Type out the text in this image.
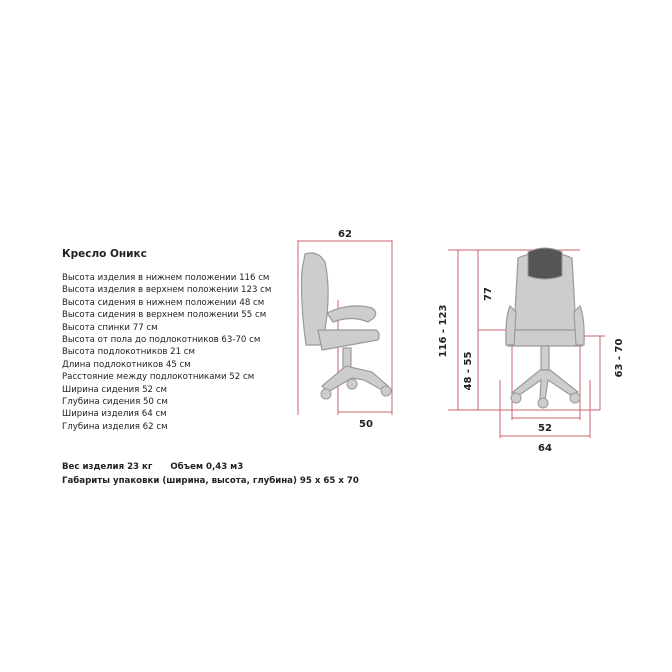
Кресло Оникс
Высота изделия в нижнем положении 116 см
Высота изделия в верхнем положении 123 см
Высота сидения в нижнем положении 48 см
Высота сидения в верхнем положении 55 см
Высота спинки 77 см
Высота от пола до подлокотников 63-70 см
Высота подлокотников 21 см
Длина подлокотников 45 см
Расстояние между подлокотниками 52 см
Ширина сидения 52 см
Глубина сидения 50 см
Ширина изделия 64 см
Глубина изделия 62 см
Вес изделия 23 кг Объем 0,43 м3
Габариты упаковки (ширина, высота, глубина) 95 х 65 х 70
62
50
116 - 123
48 - 55
77
63 - 70
52
64
